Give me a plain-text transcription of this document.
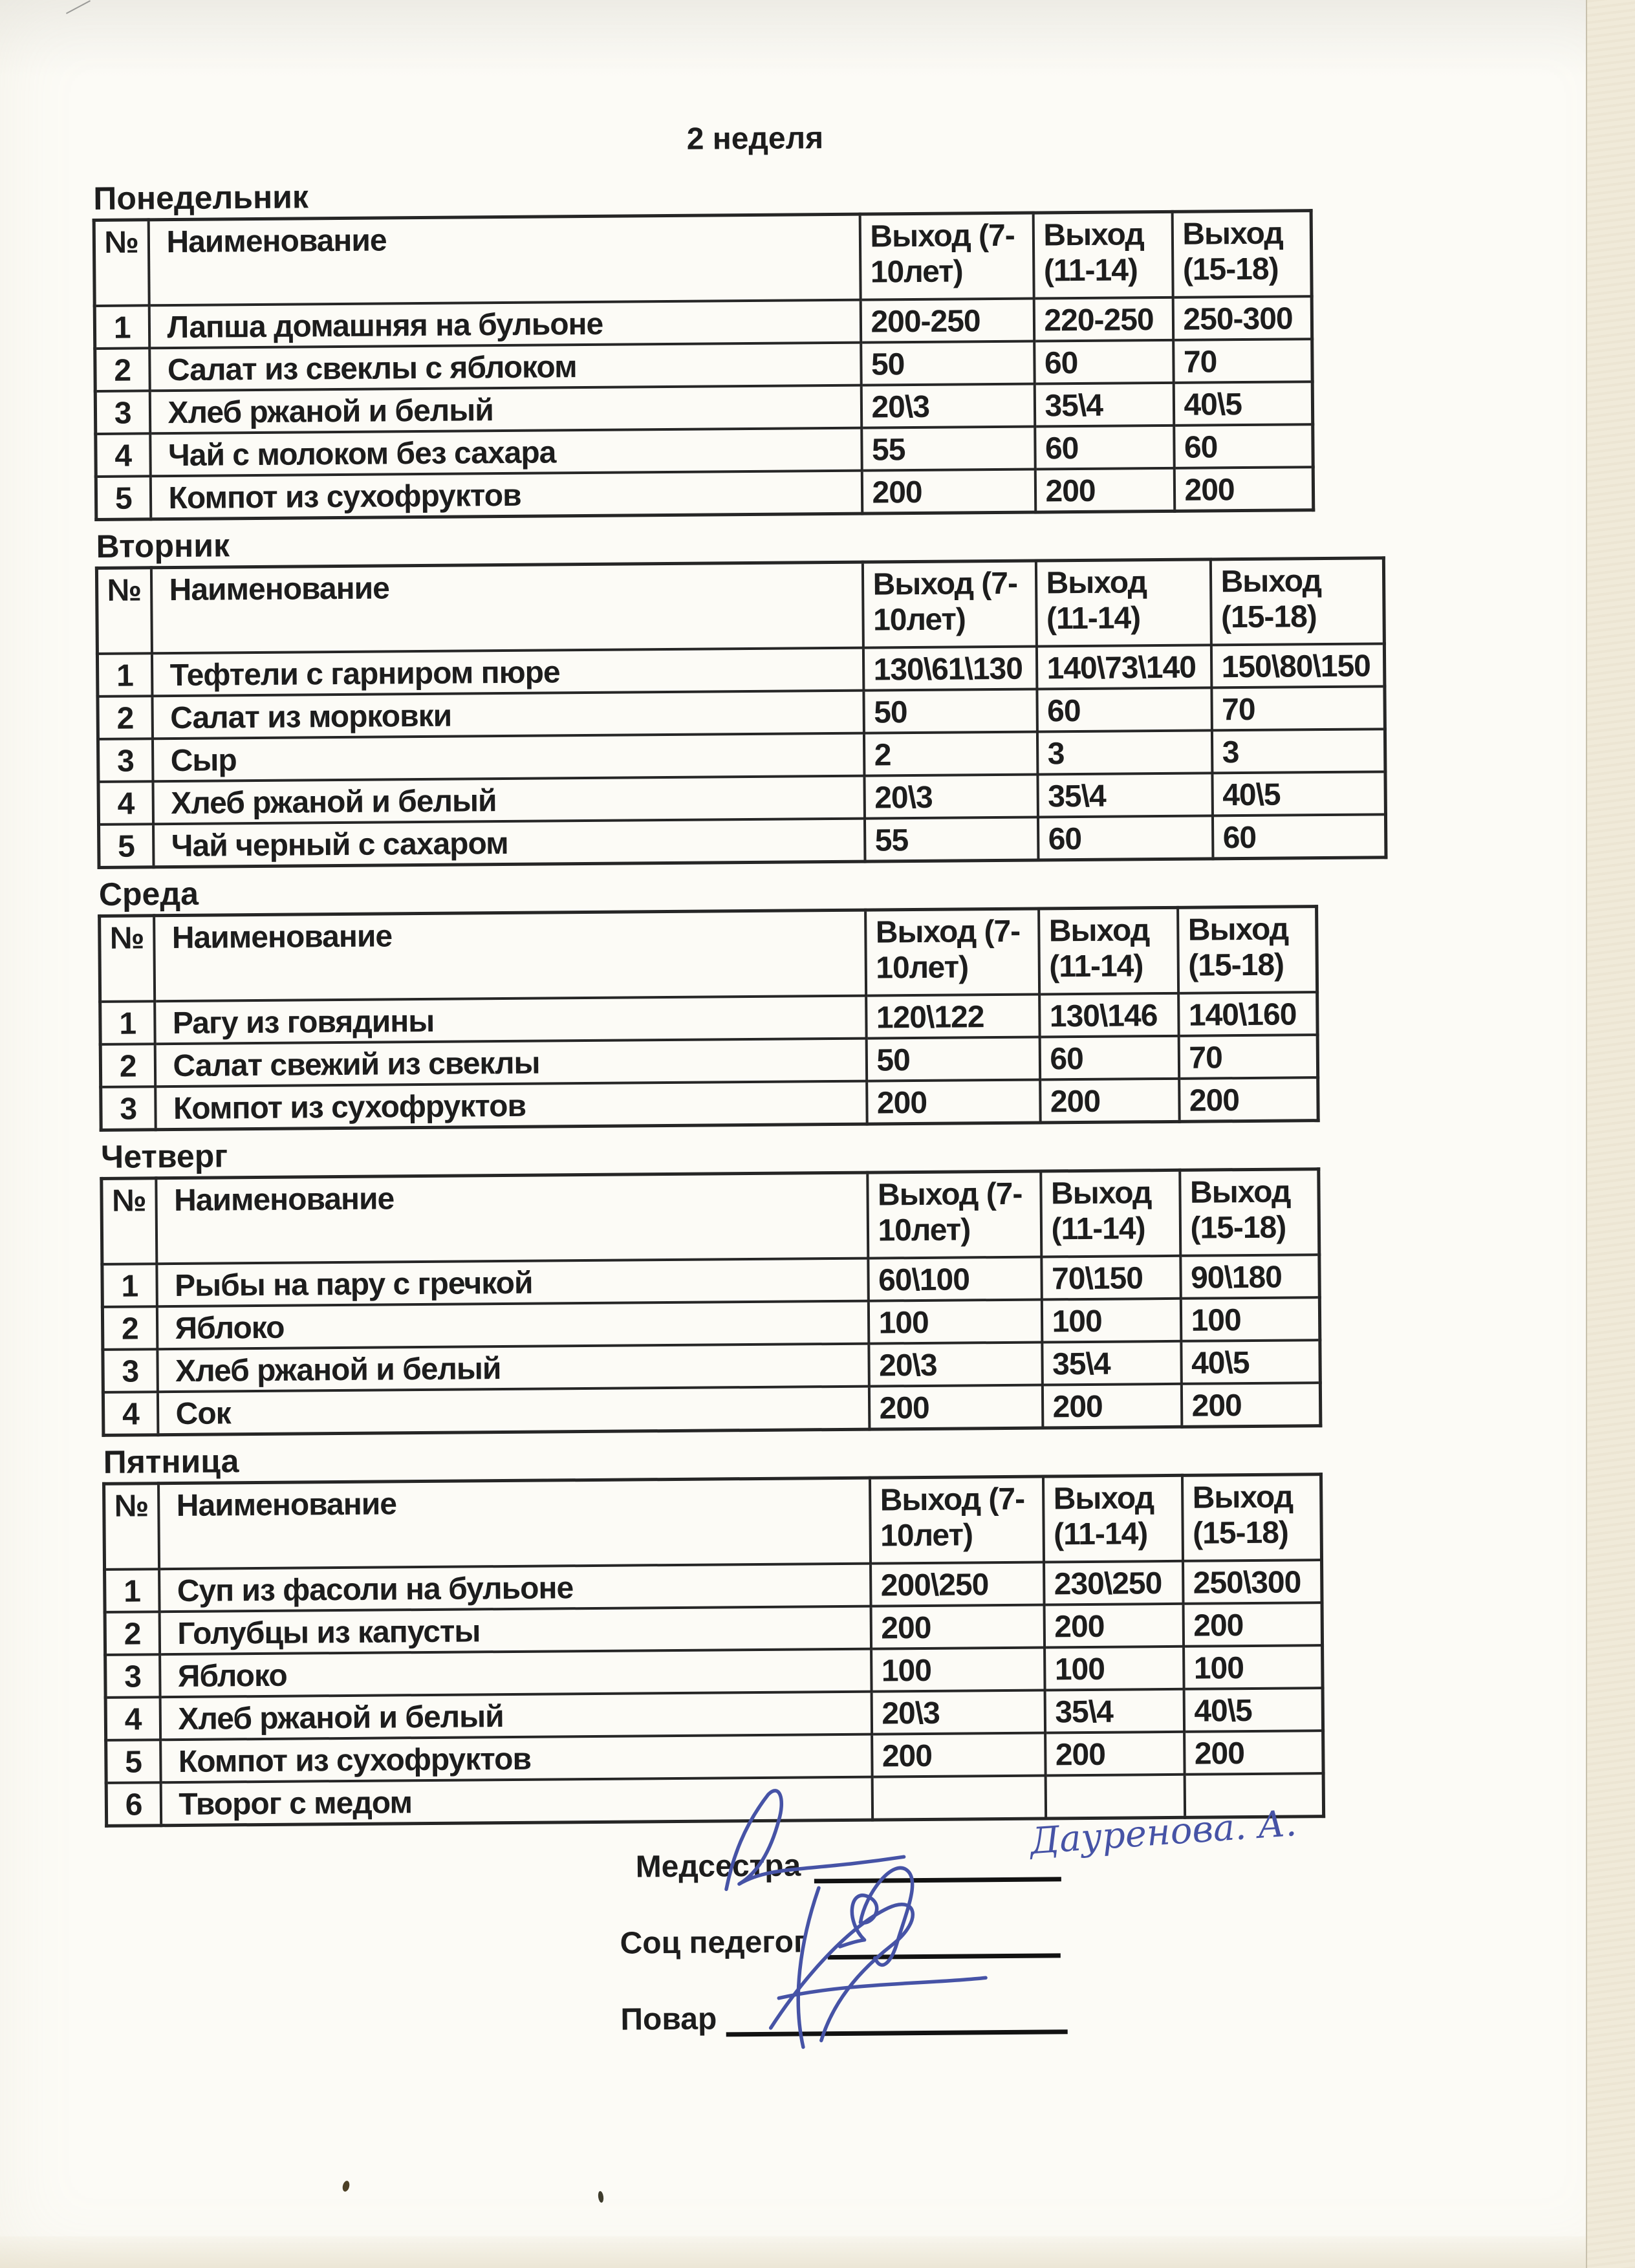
2 неделя
Понедельник
№	Наименование	Выход (7-10лет)	Выход (11-14)	Выход (15-18)
1	Лапша домашняя на бульоне	200-250	220-250	250-300
2	Салат из свеклы с яблоком	50	60	70
3	Хлеб ржаной и белый	20\3	35\4	40\5
4	Чай с молоком без сахара	55	60	60
5	Компот из сухофруктов	200	200	200
Вторник
№	Наименование	Выход (7-10лет)	Выход (11-14)	Выход (15-18)
1	Тефтели с гарниром пюре	130\61\130	140\73\140	150\80\150
2	Салат из морковки	50	60	70
3	Сыр	2	3	3
4	Хлеб ржаной и белый	20\3	35\4	40\5
5	Чай черный с сахаром	55	60	60
Среда
№	Наименование	Выход (7-10лет)	Выход (11-14)	Выход (15-18)
1	Рагу из говядины	120\122	130\146	140\160
2	Салат свежий из свеклы	50	60	70
3	Компот из сухофруктов	200	200	200
Четверг
№	Наименование	Выход (7-10лет)	Выход (11-14)	Выход (15-18)
1	Рыбы на пару с гречкой	60\100	70\150	90\180
2	Яблоко	100	100	100
3	Хлеб ржаной и белый	20\3	35\4	40\5
4	Сок	200	200	200
Пятница
№	Наименование	Выход (7-10лет)	Выход (11-14)	Выход (15-18)
1	Суп из фасоли на бульоне	200\250	230\250	250\300
2	Голубцы из капусты	200	200	200
3	Яблоко	100	100	100
4	Хлеб ржаной и белый	20\3	35\4	40\5
5	Компот из сухофруктов	200	200	200
6	Творог с медом			
Медсестра
Дауренова. А.
Соц педегог
Повар
